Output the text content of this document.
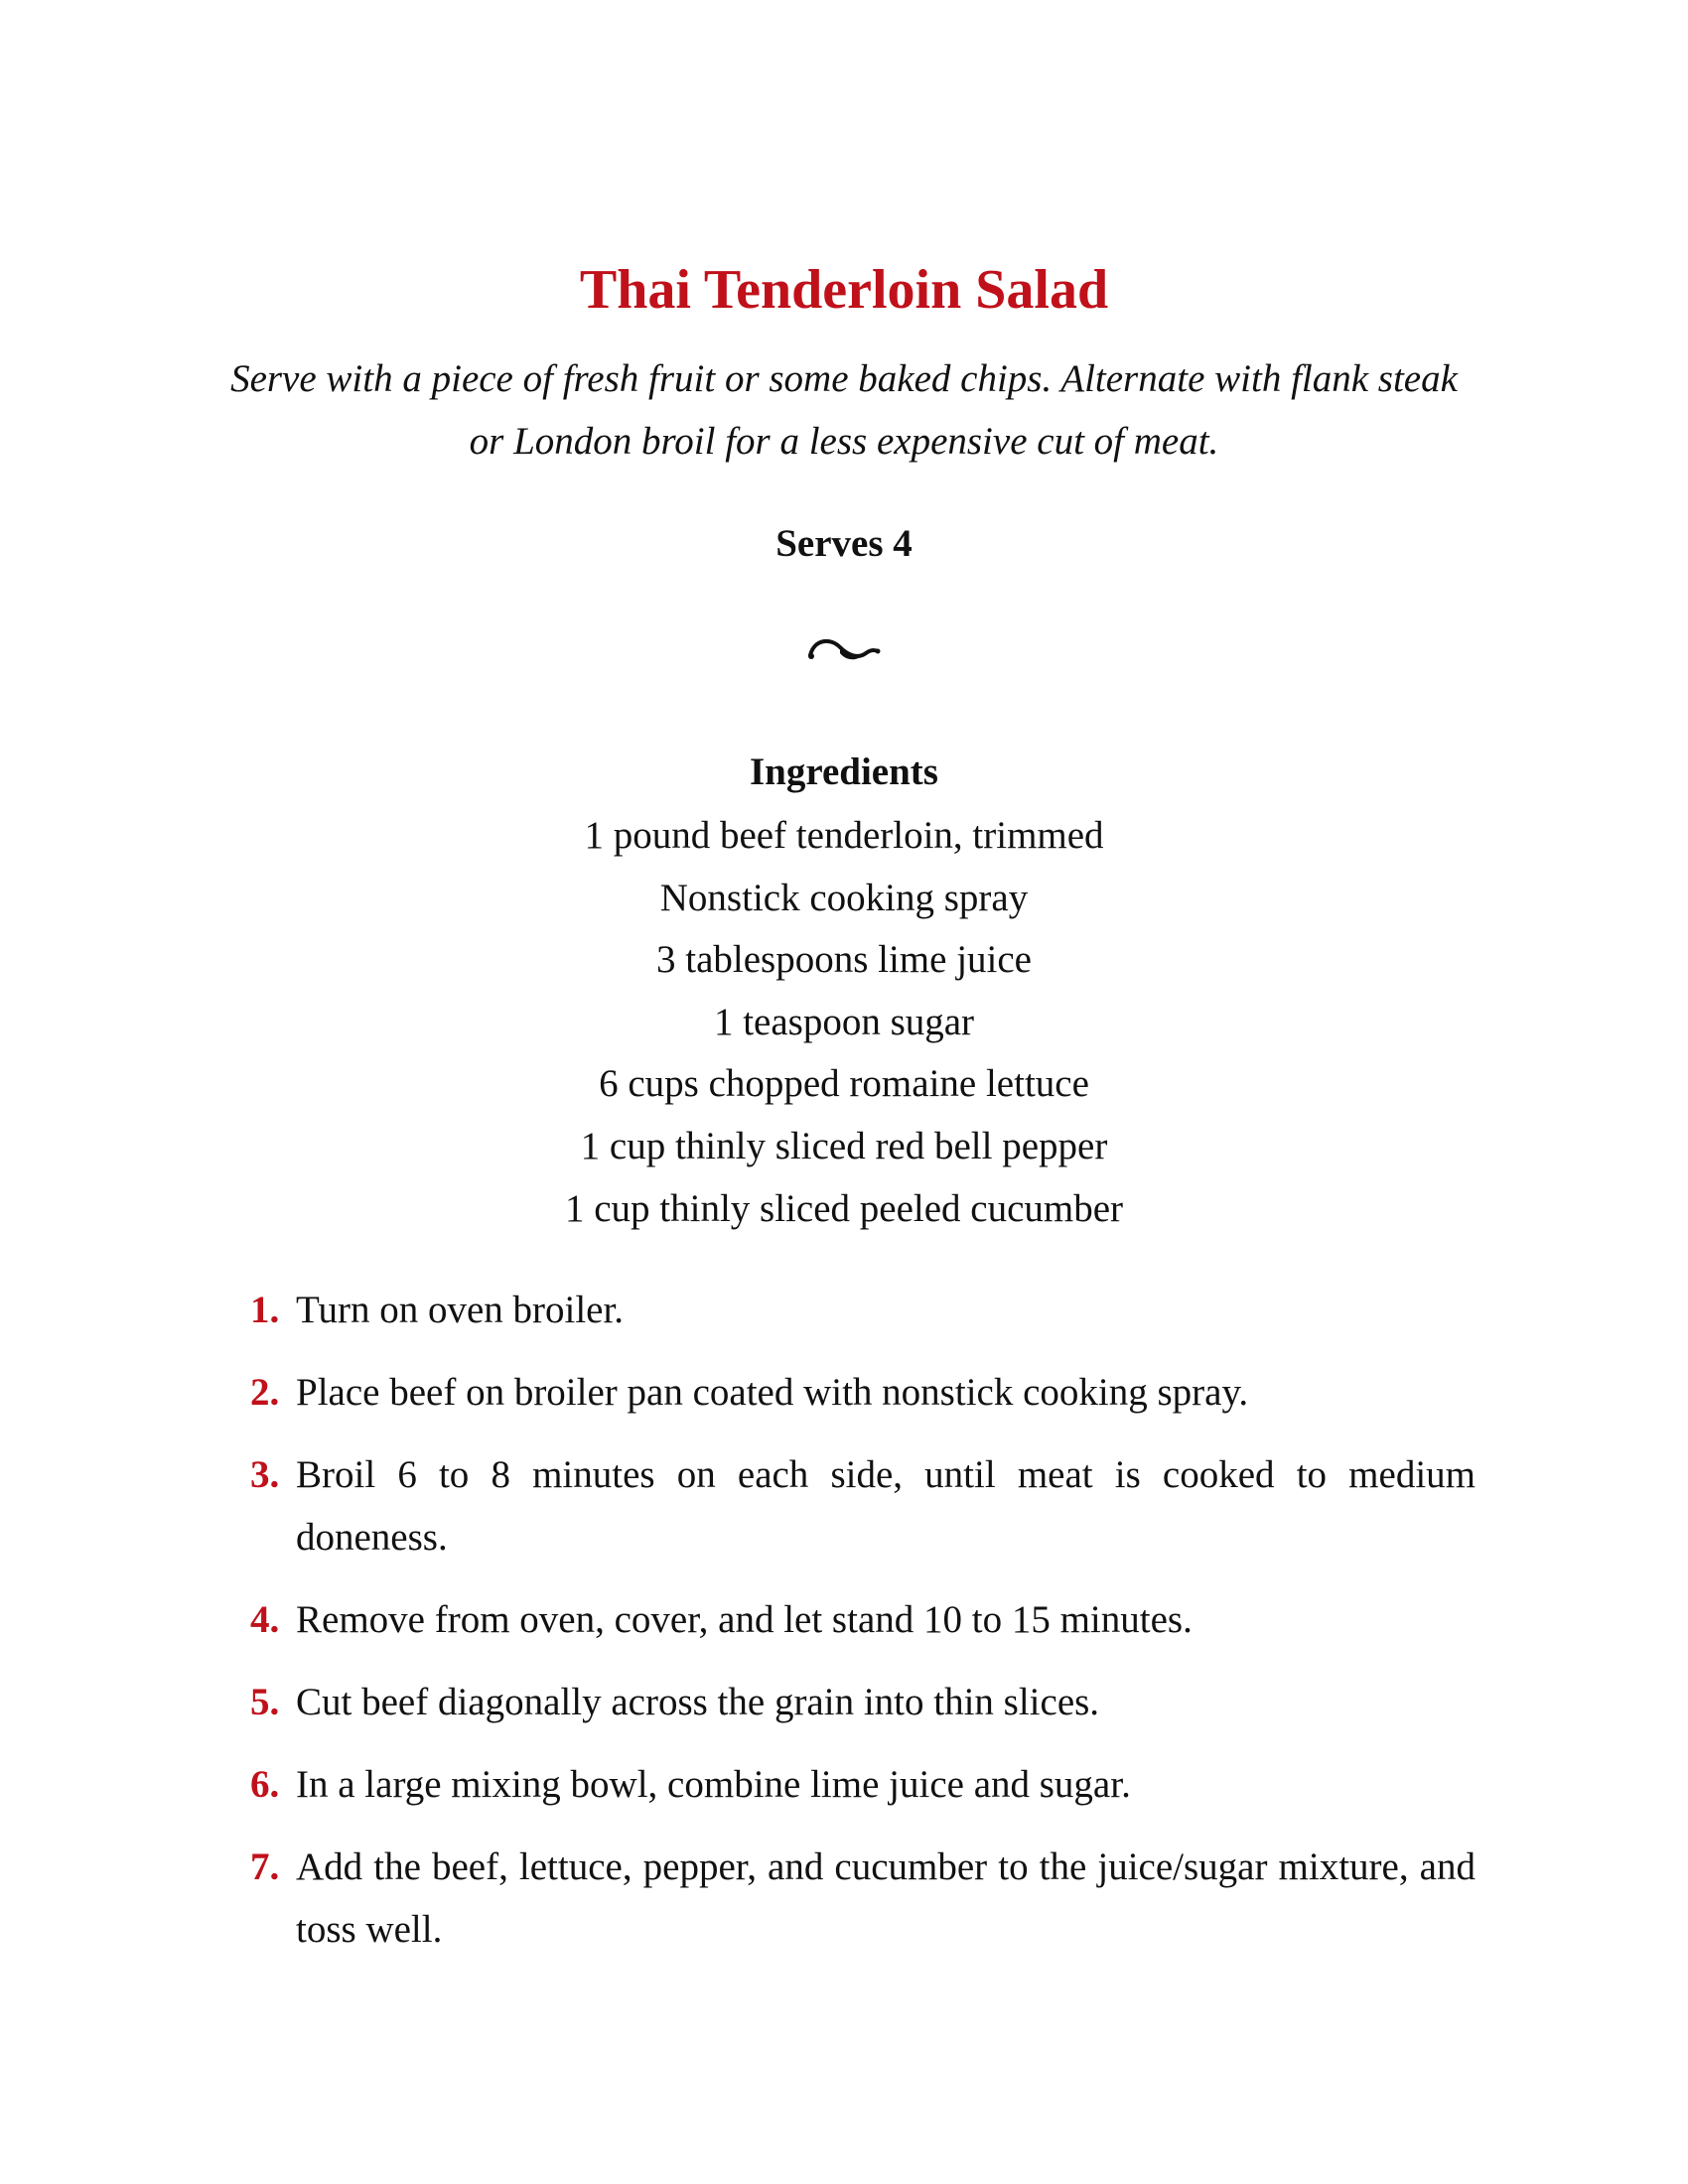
Thai Tenderloin Salad

Serve with a piece of fresh fruit or some baked chips. Alternate with flank steak or London broil for a less expensive cut of meat.

Serves 4

Ingredients
1 pound beef tenderloin, trimmed
Nonstick cooking spray
3 tablespoons lime juice
1 teaspoon sugar
6 cups chopped romaine lettuce
1 cup thinly sliced red bell pepper
1 cup thinly sliced peeled cucumber
1. Turn on oven broiler.
2. Place beef on broiler pan coated with nonstick cooking spray.
3. Broil 6 to 8 minutes on each side, until meat is cooked to medium doneness.
4. Remove from oven, cover, and let stand 10 to 15 minutes.
5. Cut beef diagonally across the grain into thin slices.
6. In a large mixing bowl, combine lime juice and sugar.
7. Add the beef, lettuce, pepper, and cucumber to the juice/sugar mixture, and toss well.
